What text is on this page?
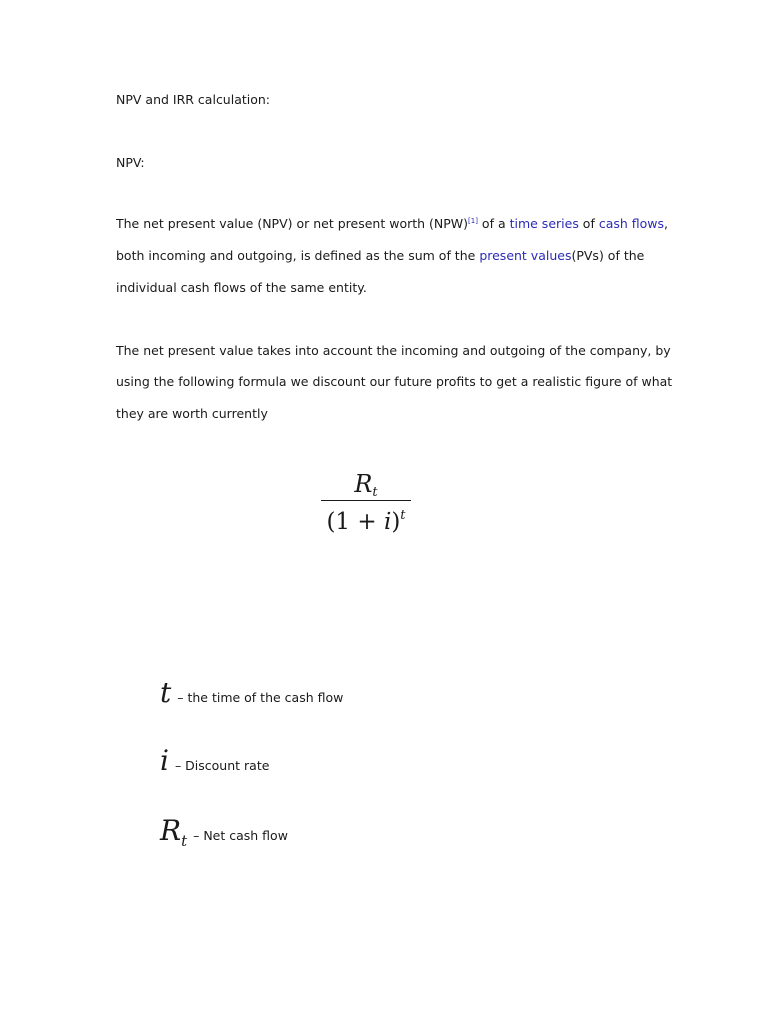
NPV and IRR calculation:
NPV:
The net present value (NPV) or net present worth (NPW)[1] of a time series of cash flows,
both incoming and outgoing, is defined as the sum of the present values(PVs) of the
individual cash flows of the same entity.
The net present value takes into account the incoming and outgoing of the company, by
using the following formula we discount our future profits to get a realistic figure of what
they are worth currently
$R_t$
$(1 + i)^t$
t – the time of the cash flow
i – Discount rate
$R_t$ – Net cash flow
